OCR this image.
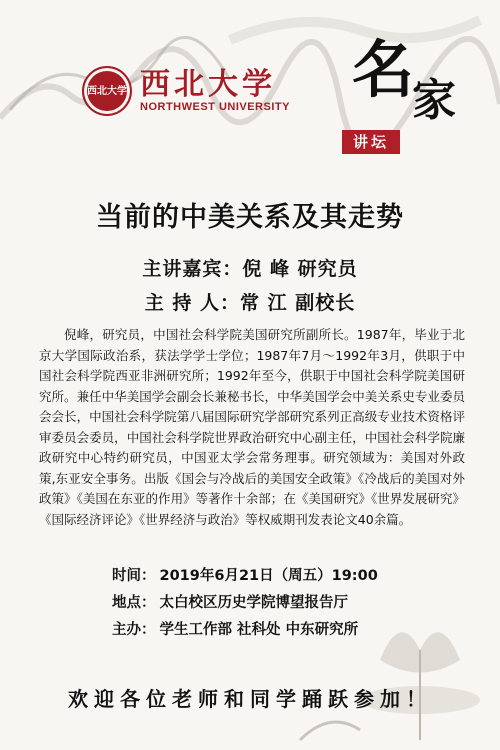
西北大学 西北大学
NORTHWEST UNIVERSITY
名
家
讲坛
当前的中美关系及其走势
主讲嘉宾：倪 峰 研究员
主 持 人：常 江 副校长
倪峰，研究员，中国社会科学院美国研究所副所长。1987年，毕业于北京大学国际政治系，获法学学士学位；1987年7月～1992年3月，供职于中国社会科学院西亚非洲研究所；1992年至今，供职于中国社会科学院美国研究所。兼任中华美国学会副会长兼秘书长，中华美国学会中美关系史专业委员会会长，中国社会科学院第八届国际研究学部研究系列正高级专业技术资格评审委员会委员，中国社会科学院世界政治研究中心副主任，中国社会科学院廉政研究中心特约研究员，中国亚太学会常务理事。研究领域为：美国对外政策,东亚安全事务。出版《国会与冷战后的美国安全政策》《冷战后的美国对外政策》《美国在东亚的作用》等著作十余部；在《美国研究》《世界发展研究》《国际经济评论》《世界经济与政治》等权威期刊发表论文40余篇。
时间： 2019年6月21日（周五）19:00
地点： 太白校区历史学院博望报告厅
主办： 学生工作部 社科处 中东研究所
欢迎各位老师和同学踊跃参加！
